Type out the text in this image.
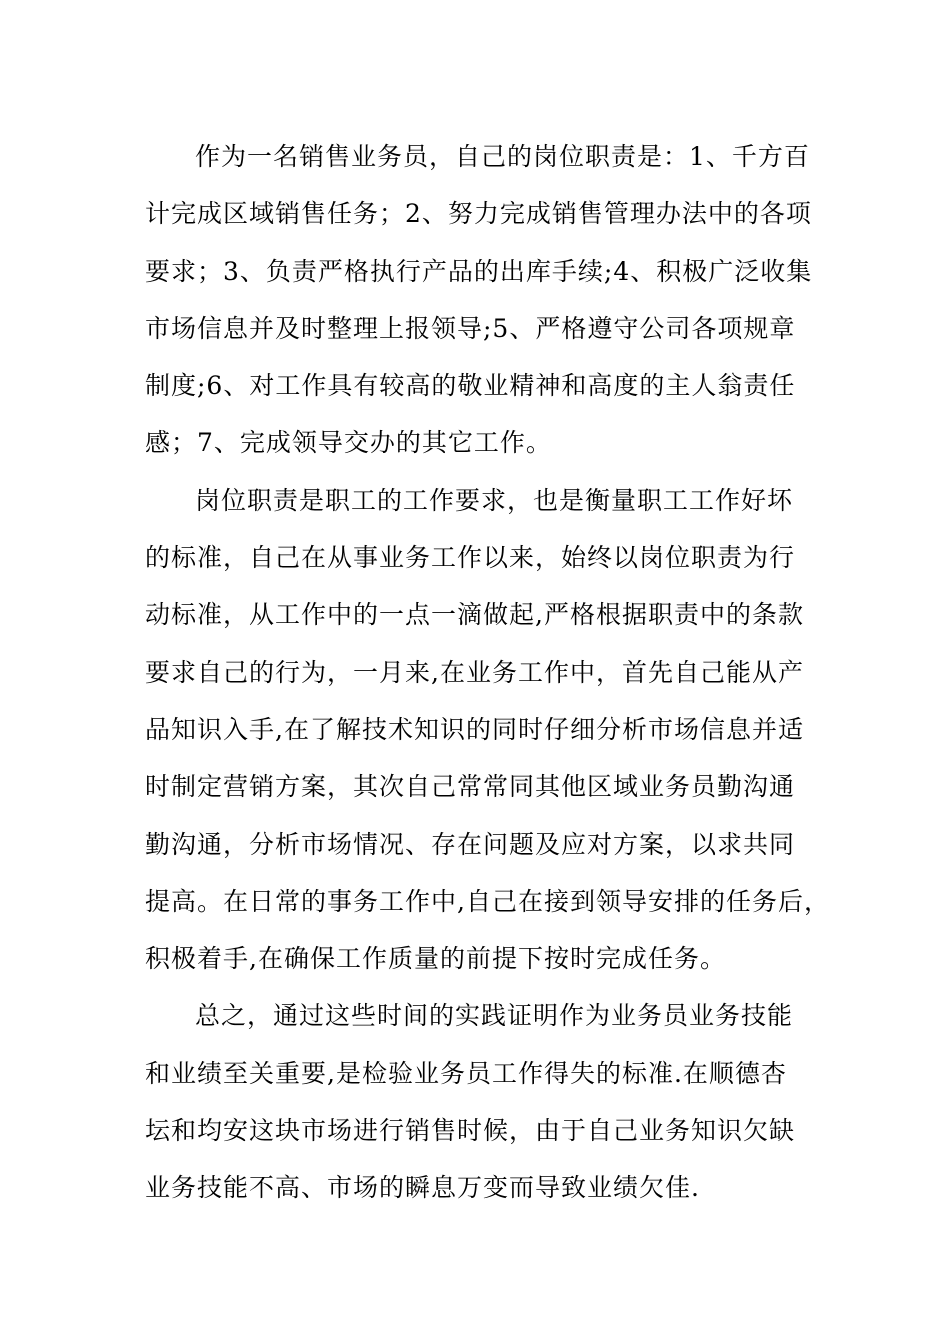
作为一名销售业务员，自己的岗位职责是：1、千方百
计完成区域销售任务；2、努力完成销售管理办法中的各项
要求；3、负责严格执行产品的出库手续;4、积极广泛收集
市场信息并及时整理上报领导;5、严格遵守公司各项规章
制度;6、对工作具有较高的敬业精神和高度的主人翁责任
感；7、完成领导交办的其它工作。
岗位职责是职工的工作要求，也是衡量职工工作好坏
的标准，自己在从事业务工作以来，始终以岗位职责为行
动标准，从工作中的一点一滴做起,严格根据职责中的条款
要求自己的行为，一月来,在业务工作中，首先自己能从产
品知识入手,在了解技术知识的同时仔细分析市场信息并适
时制定营销方案，其次自己常常同其他区域业务员勤沟通
勤沟通，分析市场情况、存在问题及应对方案，以求共同
提高。在日常的事务工作中,自己在接到领导安排的任务后，
积极着手,在确保工作质量的前提下按时完成任务。
总之，通过这些时间的实践证明作为业务员业务技能
和业绩至关重要,是检验业务员工作得失的标准.在顺德杏
坛和均安这块市场进行销售时候，由于自己业务知识欠缺
业务技能不高、市场的瞬息万变而导致业绩欠佳.
